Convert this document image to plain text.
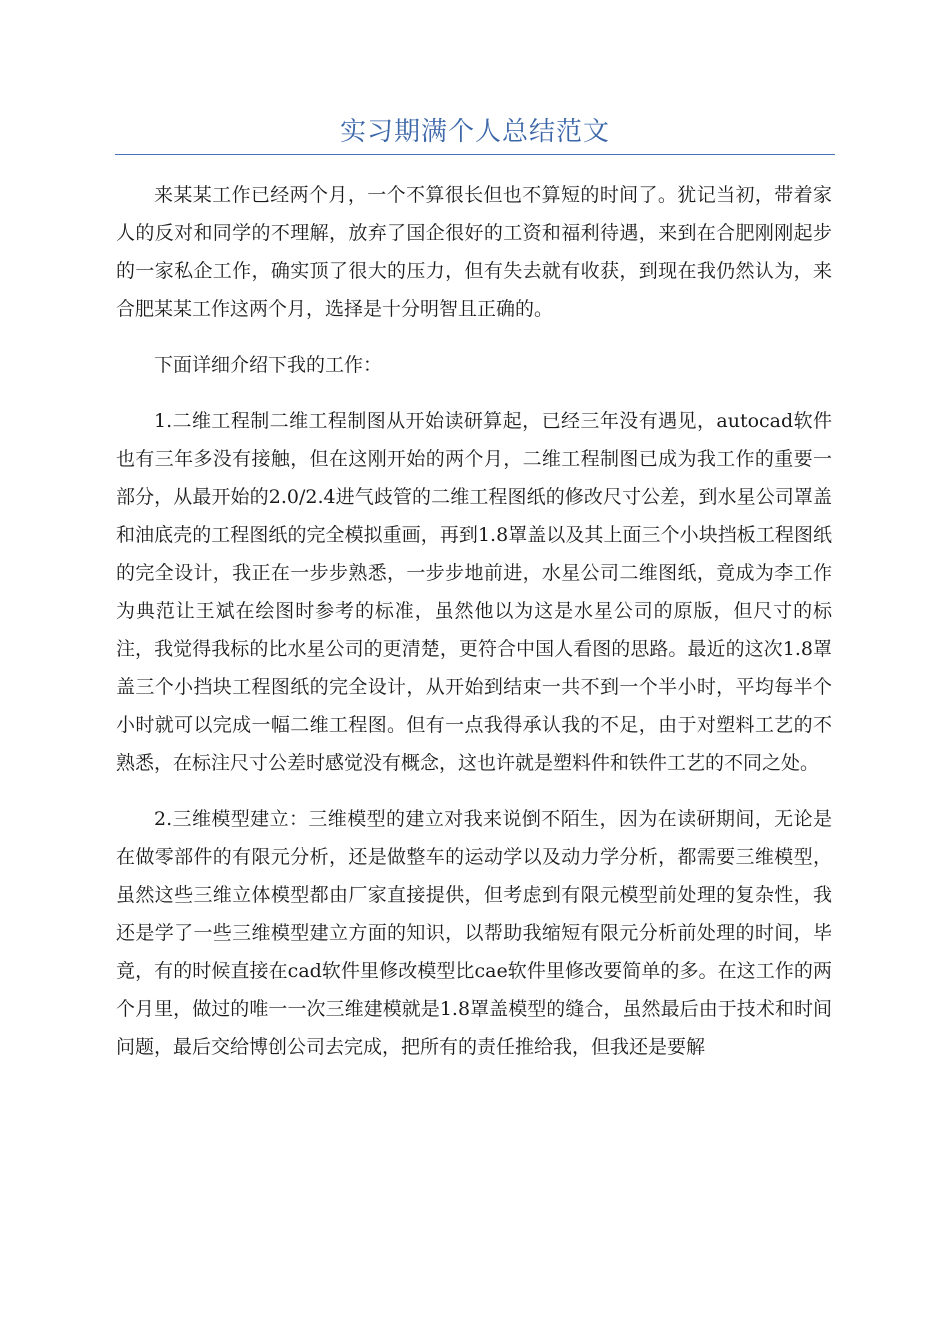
实习期满个人总结范文

来某某工作已经两个月，一个不算很长但也不算短的时间了。犹记当初，带着家人的反对和同学的不理解，放弃了国企很好的工资和福利待遇，来到在合肥刚刚起步的一家私企工作，确实顶了很大的压力，但有失去就有收获，到现在我仍然认为，来合肥某某工作这两个月，选择是十分明智且正确的。

下面详细介绍下我的工作：

1.二维工程制二维工程制图从开始读研算起，已经三年没有遇见，autocad软件也有三年多没有接触，但在这刚开始的两个月，二维工程制图已成为我工作的重要一部分，从最开始的2.0/2.4进气歧管的二维工程图纸的修改尺寸公差，到水星公司罩盖和油底壳的工程图纸的完全模拟重画，再到1.8罩盖以及其上面三个小块挡板工程图纸的完全设计，我正在一步步熟悉，一步步地前进，水星公司二维图纸，竟成为李工作为典范让王斌在绘图时参考的标准，虽然他以为这是水星公司的原版，但尺寸的标注，我觉得我标的比水星公司的更清楚，更符合中国人看图的思路。最近的这次1.8罩盖三个小挡块工程图纸的完全设计，从开始到结束一共不到一个半小时，平均每半个小时就可以完成一幅二维工程图。但有一点我得承认我的不足，由于对塑料工艺的不熟悉，在标注尺寸公差时感觉没有概念，这也许就是塑料件和铁件工艺的不同之处。

2.三维模型建立：三维模型的建立对我来说倒不陌生，因为在读研期间，无论是在做零部件的有限元分析，还是做整车的运动学以及动力学分析，都需要三维模型，虽然这些三维立体模型都由厂家直接提供，但考虑到有限元模型前处理的复杂性，我还是学了一些三维模型建立方面的知识，以帮助我缩短有限元分析前处理的时间，毕竟，有的时候直接在cad软件里修改模型比cae软件里修改要简单的多。在这工作的两个月里，做过的唯一一次三维建模就是1.8罩盖模型的缝合，虽然最后由于技术和时间问题，最后交给博创公司去完成，把所有的责任推给我，但我还是要解
